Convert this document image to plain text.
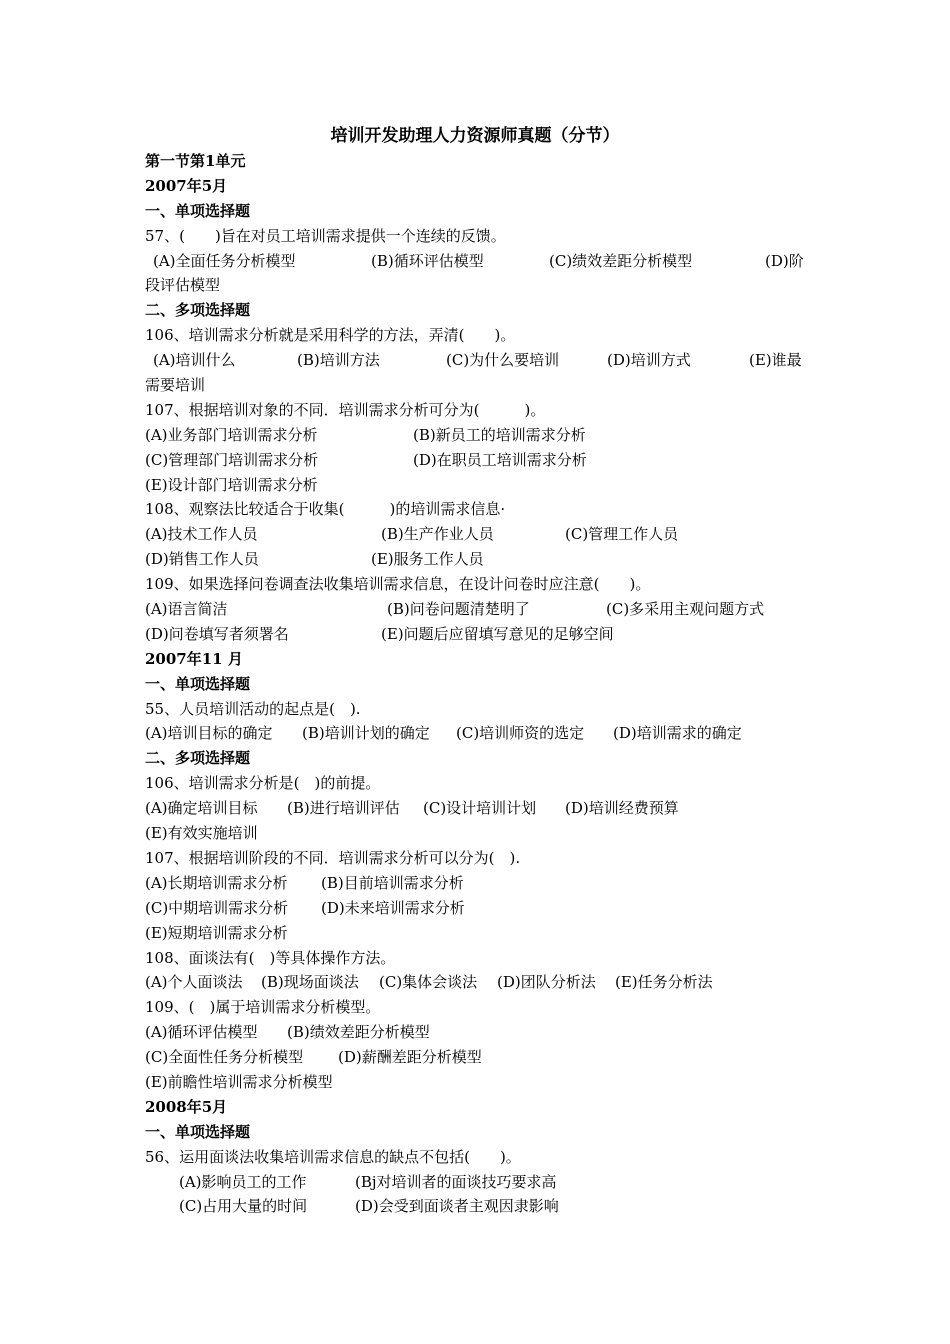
培训开发助理人力资源师真题（分节）
第一节第1单元
2007年5月
一、单项选择题
57、(　　)旨在对员工培训需求提供一个连续的反馈。
(A)全面任务分析模型	(B)循环评估模型	(C)绩效差距分析模型	(D)阶
段评估模型
二、多项选择题
106、培训需求分析就是采用科学的方法，弄清(　　)。
(A)培训什么	(B)培训方法	(C)为什么要培训	(D)培训方式	(E)谁最
需要培训
107、根据培训对象的不同．培训需求分析可分为(　　　)。
(A)业务部门培训需求分析	(B)新员工的培训需求分析
(C)管理部门培训需求分析	(D)在职员工培训需求分析
(E)设计部门培训需求分析
108、观察法比较适合于收集(　　　)的培训需求信息·
(A)技术工作人员	(B)生产作业人员	(C)管理工作人员
(D)销售工作人员	(E)服务工作人员
109、如果选择问卷调查法收集培训需求信息，在设计问卷时应注意(　　)。
(A)语言简洁	(B)问卷问题清楚明了	(C)多采用主观问题方式
(D)问卷填写者须署名	(E)问题后应留填写意见的足够空间
2007年11 月
一、单项选择题
55、人员培训活动的起点是(　).
(A)培训目标的确定 (B)培训计划的确定 (C)培训师资的选定 (D)培训需求的确定
二、多项选择题
106、培训需求分析是(　)的前提。
(A)确定培训目标 (B)进行培训评估 (C)设计培训计划 (D)培训经费预算
(E)有效实施培训
107、根据培训阶段的不同．培训需求分析可以分为(　).
(A)长期培训需求分析 (B)目前培训需求分析
(C)中期培训需求分析 (D)未来培训需求分析
(E)短期培训需求分析
108、面谈法有(　)等具体操作方法。
(A)个人面谈法 (B)现场面谈法 (C)集体会谈法 (D)团队分析法 (E)任务分析法
109、(　)属于培训需求分析模型。
(A)循环评估模型 (B)绩效差距分析模型
(C)全面性任务分析模型 (D)薪酬差距分析模型
(E)前瞻性培训需求分析模型
2008年5月
一、单项选择题
56、运用面谈法收集培训需求信息的缺点不包括(　　)。
(A)影响员工的工作	(Bj对培训者的面谈技巧要求高
(C)占用大量的时间	(D)会受到面谈者主观因隶影响
